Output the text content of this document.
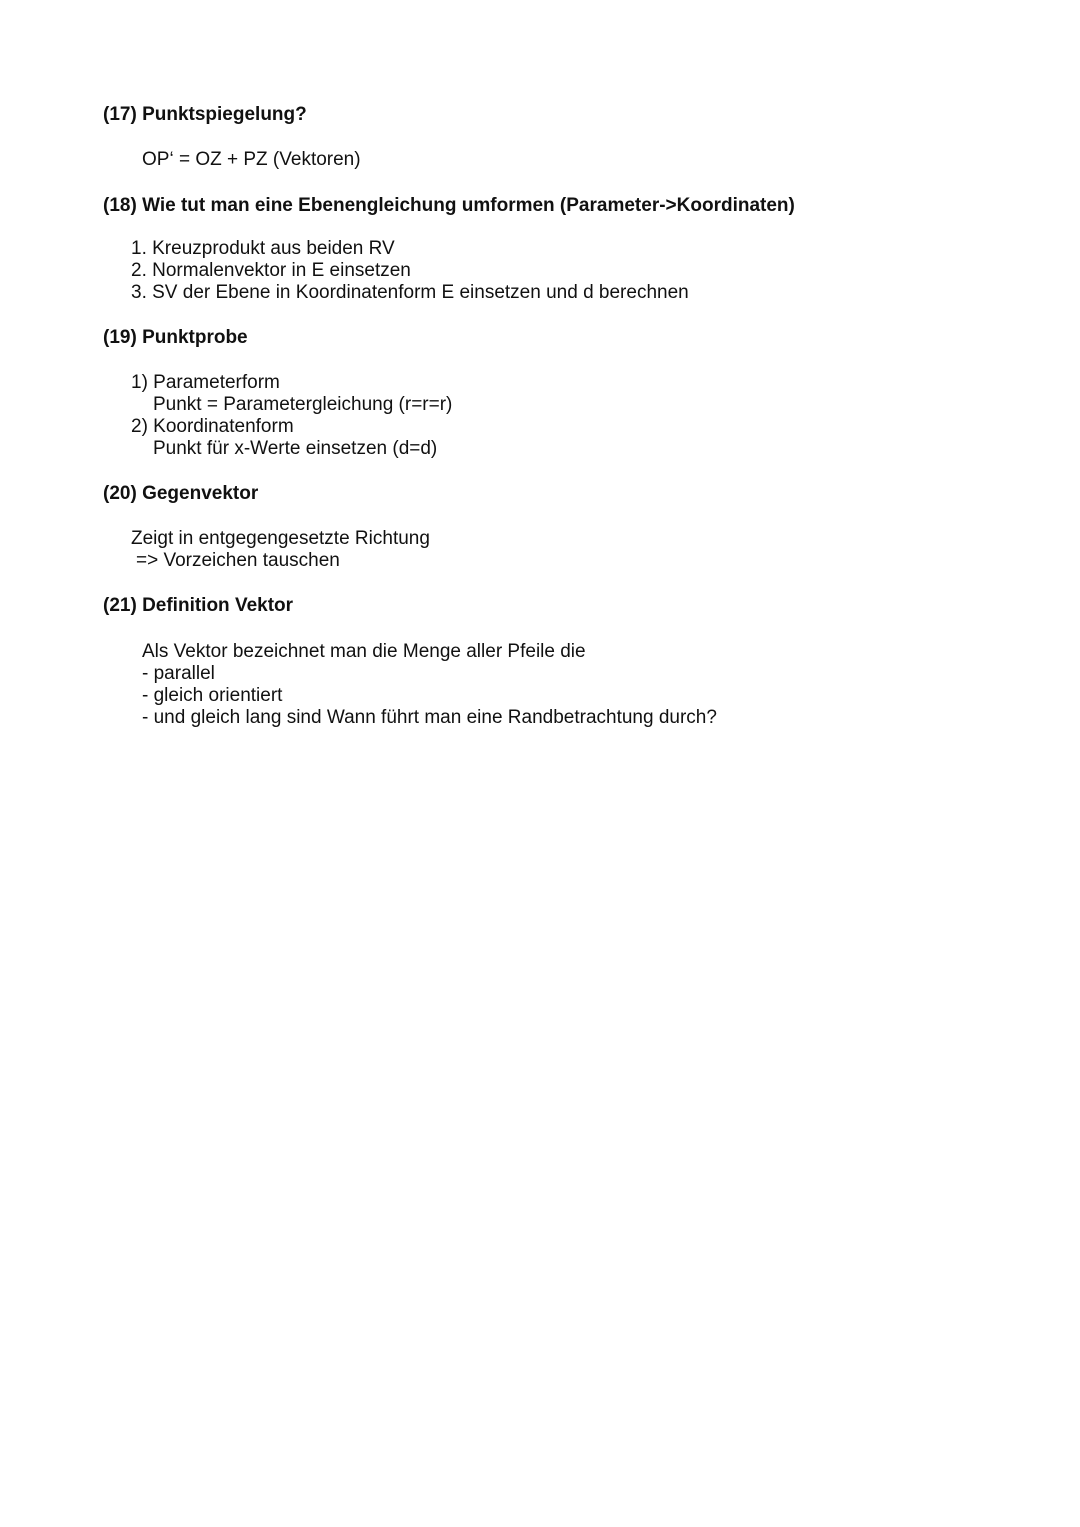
(17) Punktspiegelung?
OP‘ = OZ + PZ (Vektoren)
(18) Wie tut man eine Ebenengleichung umformen (Parameter->Koordinaten)
1. Kreuzprodukt aus beiden RV
2. Normalenvektor in E einsetzen
3. SV der Ebene in Koordinatenform E einsetzen und d berechnen
(19) Punktprobe
1) Parameterform
Punkt = Parametergleichung (r=r=r)
2) Koordinatenform
Punkt für x-Werte einsetzen (d=d)
(20) Gegenvektor
Zeigt in entgegengesetzte Richtung
=> Vorzeichen tauschen
(21) Definition Vektor
Als Vektor bezeichnet man die Menge aller Pfeile die
- parallel
- gleich orientiert
- und gleich lang sind Wann führt man eine Randbetrachtung durch?
